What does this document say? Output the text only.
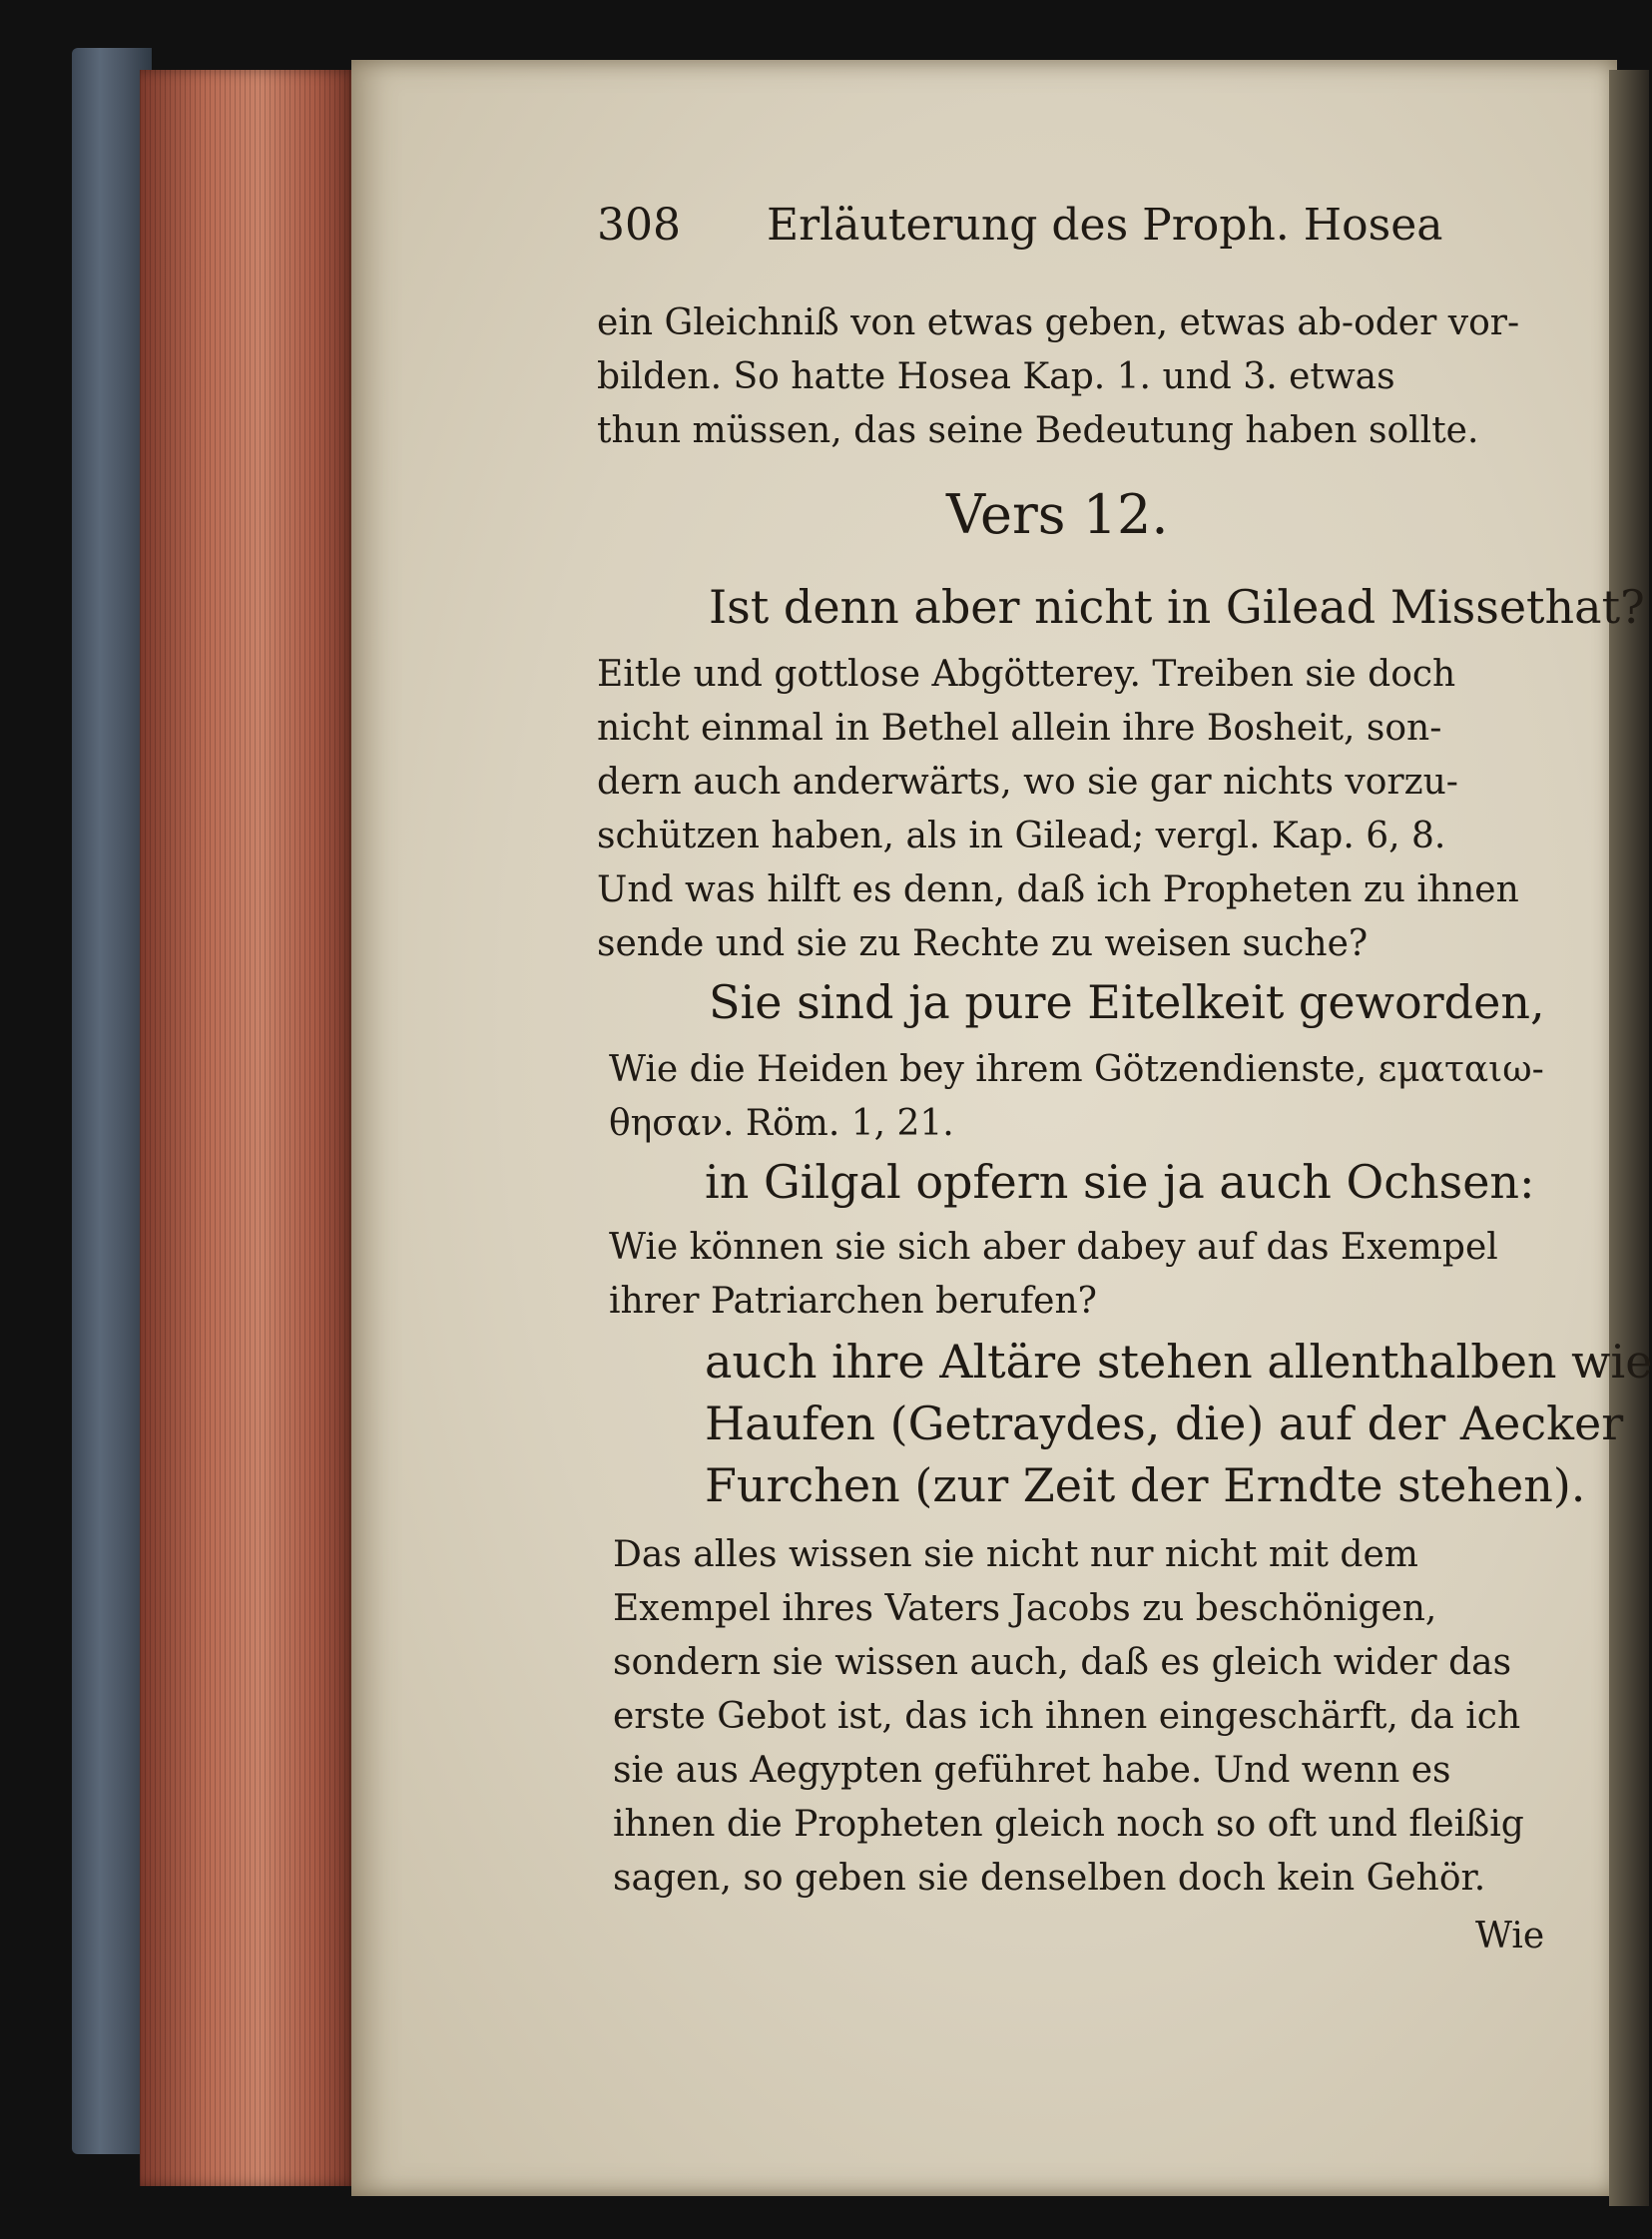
308 Erläuterung des Proph. Hosea
ein Gleichniß von etwas geben, etwas ab-oder vor-
bilden. So hatte Hosea Kap. 1. und 3. etwas
thun müssen, das seine Bedeutung haben sollte.
Vers 12.
Ist denn aber nicht in Gilead Missethat?
Eitle und gottlose Abgötterey. Treiben sie doch
nicht einmal in Bethel allein ihre Bosheit, son-
dern auch anderwärts, wo sie gar nichts vorzu-
schützen haben, als in Gilead; vergl. Kap. 6, 8.
Und was hilft es denn, daß ich Propheten zu ihnen
sende und sie zu Rechte zu weisen suche?
Sie sind ja pure Eitelkeit geworden,
Wie die Heiden bey ihrem Götzendienste, εματαιω-
θησαν. Röm. 1, 21.
in Gilgal opfern sie ja auch Ochsen:
Wie können sie sich aber dabey auf das Exempel
ihrer Patriarchen berufen?
auch ihre Altäre stehen allenthalben wie
Haufen (Getraydes, die) auf der Aecker
Furchen (zur Zeit der Erndte stehen).
Das alles wissen sie nicht nur nicht mit dem
Exempel ihres Vaters Jacobs zu beschönigen,
sondern sie wissen auch, daß es gleich wider das
erste Gebot ist, das ich ihnen eingeschärft, da ich
sie aus Aegypten geführet habe. Und wenn es
ihnen die Propheten gleich noch so oft und fleißig
sagen, so geben sie denselben doch kein Gehör.
Wie
